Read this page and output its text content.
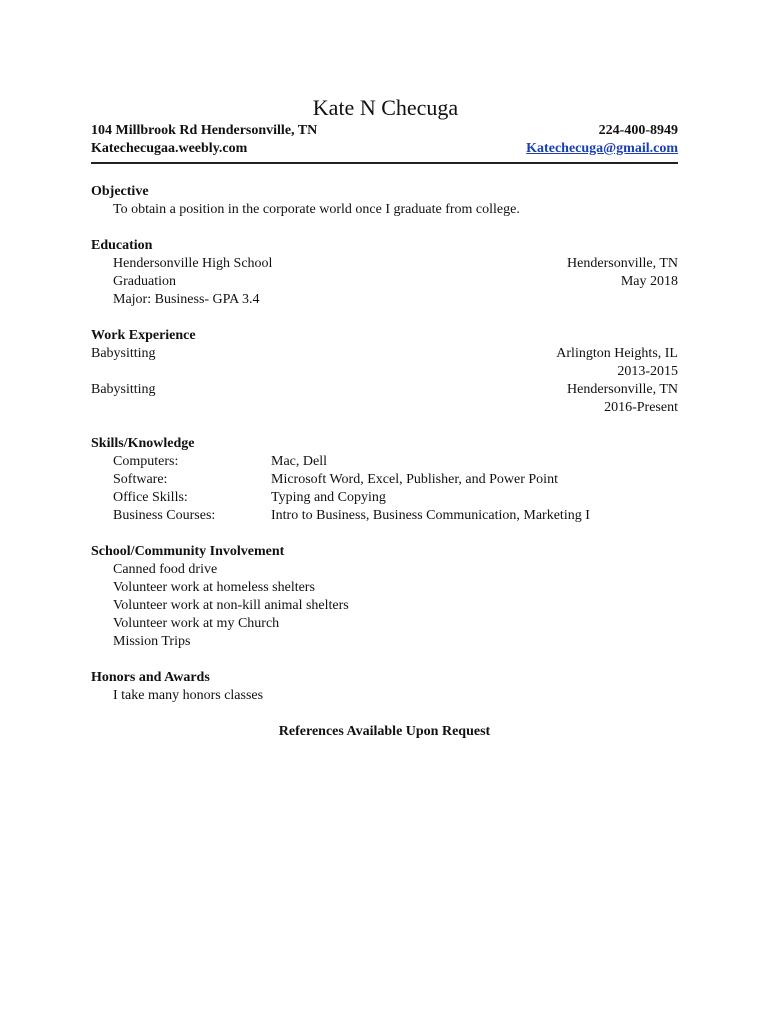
Kate N Checuga
104 Millbrook Rd Hendersonville, TN	224-400-8949
Katechecugaa.weebly.com	Katechecuga@gmail.com
Objective
To obtain a position in the corporate world once I graduate from college.
Education
Hendersonville High School	Hendersonville, TN
Graduation	May 2018
Major: Business- GPA 3.4
Work Experience
Babysitting	Arlington Heights, IL
2013-2015
Babysitting	Hendersonville, TN
2016-Present
Skills/Knowledge
Computers:	Mac, Dell
Software:	Microsoft Word, Excel, Publisher, and Power Point
Office Skills:	Typing and Copying
Business Courses:	Intro to Business, Business Communication, Marketing I
School/Community Involvement
Canned food drive
Volunteer work at homeless shelters
Volunteer work at non-kill animal shelters
Volunteer work at my Church
Mission Trips
Honors and Awards
I take many honors classes
References Available Upon Request
